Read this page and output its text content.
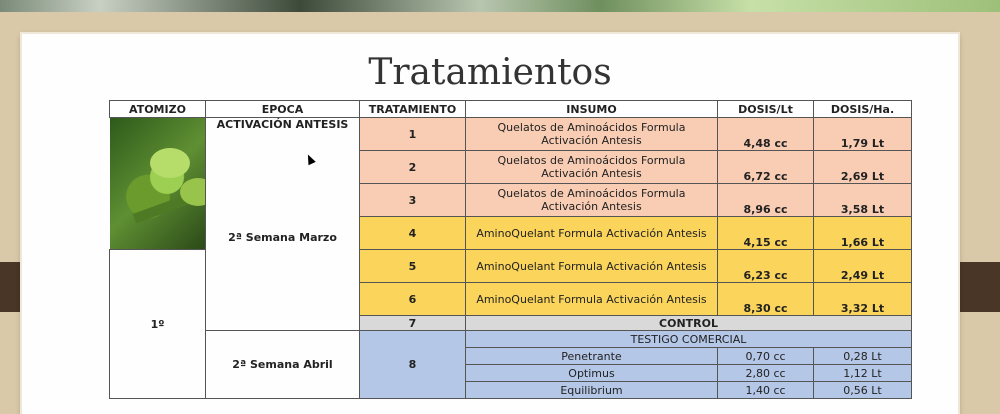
Tratamientos
ATOMIZO	EPOCA	TRATAMIENTO	INSUMO	DOSIS/Lt	DOSIS/Ha.

	ACTIVACIÓN ANTESIS	1	Quelatos de Aminoácidos Formula Activación Antesis	4,48 cc	1,79 Lt
	2ª Semana Marzo	2	Quelatos de Aminoácidos Formula Activación Antesis	6,72 cc	2,69 Lt
		3	Quelatos de Aminoácidos Formula Activación Antesis	8,96 cc	3,58 Lt
		4	AminoQuelant Formula Activación Antesis	4,15 cc	1,66 Lt
1º		5	AminoQuelant Formula Activación Antesis	6,23 cc	2,49 Lt
		6	AminoQuelant Formula Activación Antesis	8,30 cc	3,32 Lt
		7	CONTROL		
	2ª Semana Abril	8	TESTIGO COMERCIAL		
			Penetrante	0,70 cc	0,28 Lt
			Optimus	2,80 cc	1,12 Lt
			Equilibrium	1,40 cc	0,56 Lt
